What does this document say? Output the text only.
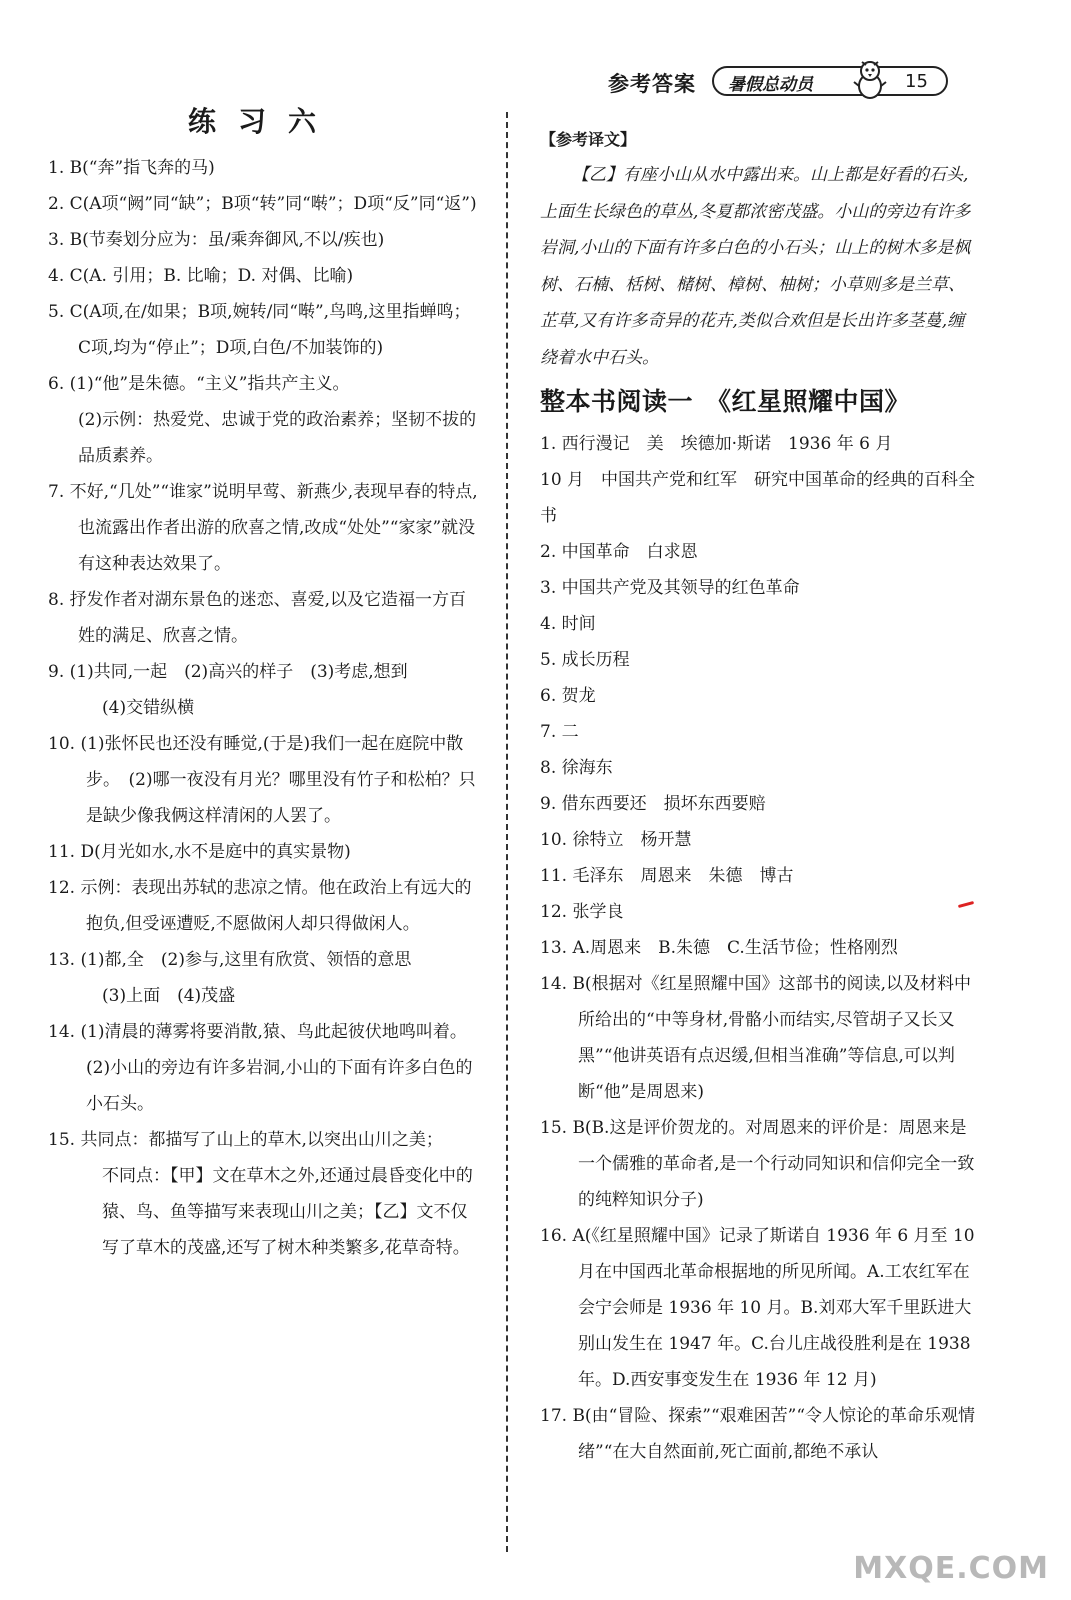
参考答案 暑假总动员	15

练习六

1. B(“奔”指飞奔的马)

2. C(A项“阙”同“缺”；B项“转”同“啭”；D项“反”同“返”)

3. B(节奏划分应为：虽/乘奔御风,不以/疾也)

4. C(A. 引用；B. 比喻；D. 对偶、比喻)

5. C(A项,在/如果；B项,婉转/同“啭”,鸟鸣,这里指蝉鸣；C项,均为“停止”；D项,白色/不加装饰的)

6. (1)“他”是朱德。“主义”指共产主义。

(2)示例：热爱党、忠诚于党的政治素养；坚韧不拔的品质素养。

7. 不好,“几处”“谁家”说明早莺、新燕少,表现早春的特点,也流露出作者出游的欣喜之情,改成“处处”“家家”就没有这种表达效果了。

8. 抒发作者对湖东景色的迷恋、喜爱,以及它造福一方百姓的满足、欣喜之情。

9. (1)共同,一起　(2)高兴的样子　(3)考虑,想到

(4)交错纵横

10. (1)张怀民也还没有睡觉,(于是)我们一起在庭院中散步。　(2)哪一夜没有月光？哪里没有竹子和松柏？只是缺少像我俩这样清闲的人罢了。

11. D(月光如水,水不是庭中的真实景物)

12. 示例：表现出苏轼的悲凉之情。他在政治上有远大的抱负,但受诬遭贬,不愿做闲人却只得做闲人。

13. (1)都,全　(2)参与,这里有欣赏、领悟的意思

(3)上面　(4)茂盛

14. (1)清晨的薄雾将要消散,猿、鸟此起彼伏地鸣叫着。　(2)小山的旁边有许多岩洞,小山的下面有许多白色的小石头。

15. 共同点：都描写了山上的草木,以突出山川之美；

不同点：【甲】文在草木之外,还通过晨昏变化中的猿、鸟、鱼等描写来表现山川之美；【乙】文不仅写了草木的茂盛,还写了树木种类繁多,花草奇特。

【参考译文】

【乙】有座小山从水中露出来。山上都是好看的石头,上面生长绿色的草丛,冬夏都浓密茂盛。小山的旁边有许多岩洞,小山的下面有许多白色的小石头；山上的树木多是枫树、石楠、栝树、槠树、樟树、柚树；小草则多是兰草、芷草,又有许多奇异的花卉,类似合欢但是长出许多茎蔓,缠绕着水中石头。

整本书阅读一　《红星照耀中国》

1. 西行漫记　美　埃德加·斯诺　1936 年 6 月

10 月　中国共产党和红军　研究中国革命的经典的百科全书

2. 中国革命　白求恩

3. 中国共产党及其领导的红色革命

4. 时间

5. 成长历程

6. 贺龙

7. 二

8. 徐海东

9. 借东西要还　损坏东西要赔

10. 徐特立　杨开慧

11. 毛泽东　周恩来　朱德　博古

12. 张学良

13. A.周恩来　B.朱德　C.生活节俭；性格刚烈

14. B(根据对《红星照耀中国》这部书的阅读,以及材料中所给出的“中等身材,骨骼小而结实,尽管胡子又长又黑”“他讲英语有点迟缓,但相当准确”等信息,可以判断“他”是周恩来)

15. B(B.这是评价贺龙的。对周恩来的评价是：周恩来是一个儒雅的革命者,是一个行动同知识和信仰完全一致的纯粹知识分子)

16. A(《红星照耀中国》记录了斯诺自 1936 年 6 月至 10 月在中国西北革命根据地的所见所闻。A.工农红军在会宁会师是 1936 年 10 月。B.刘邓大军千里跃进大别山发生在 1947 年。C.台儿庄战役胜利是在 1938 年。D.西安事变发生在 1936 年 12 月)

17. B(由“冒险、探索”“艰难困苦”“令人惊论的革命乐观情绪”“在大自然面前,死亡面前,都绝不承认

MXQE.COM
